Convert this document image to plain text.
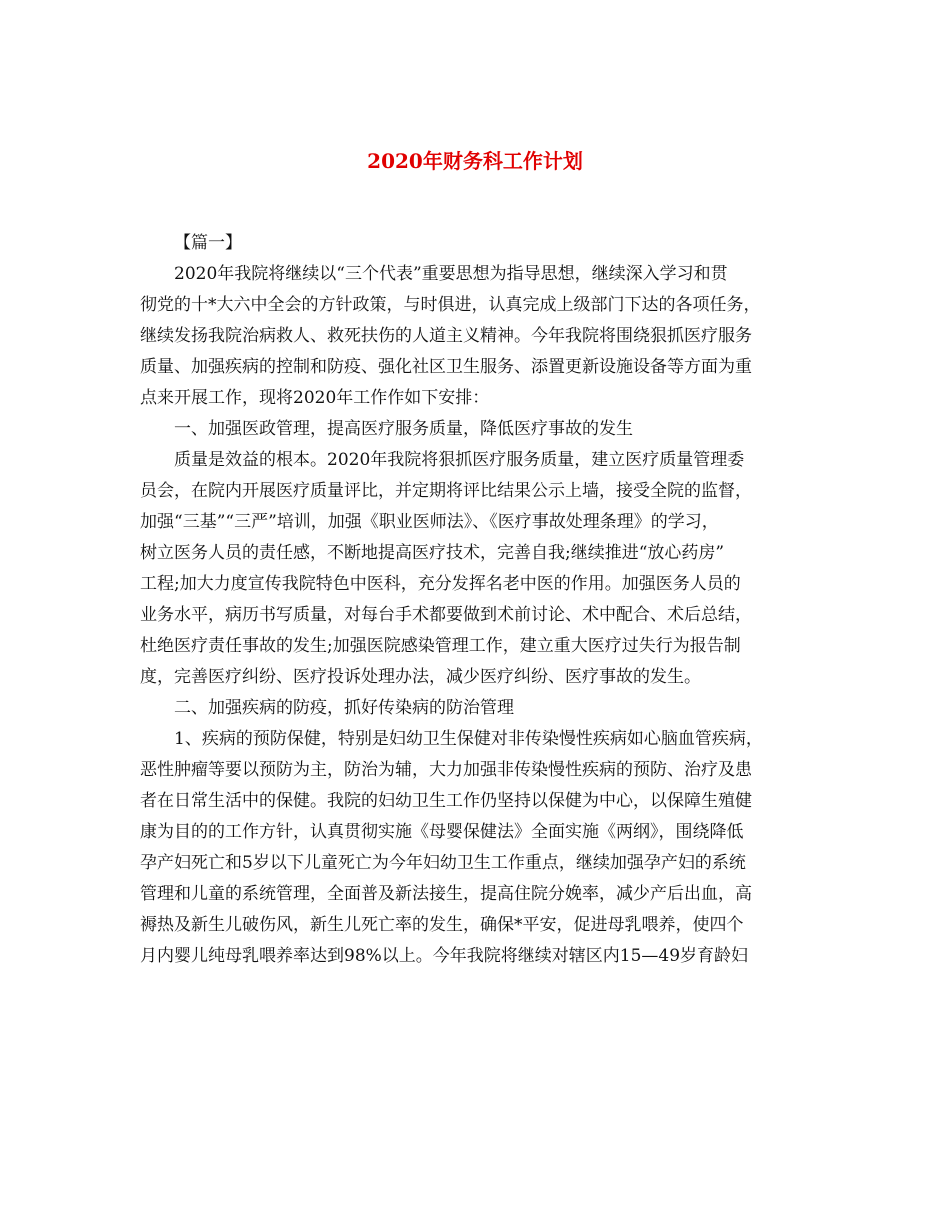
2020年财务科工作计划

【篇一】

2020年我院将继续以“三个代表”重要思想为指导思想，继续深入学习和贯
彻党的十*大六中全会的方针政策，与时俱进，认真完成上级部门下达的各项任务，
继续发扬我院治病救人、救死扶伤的人道主义精神。今年我院将围绕狠抓医疗服务
质量、加强疾病的控制和防疫、强化社区卫生服务、添置更新设施设备等方面为重
点来开展工作，现将2020年工作作如下安排：

一、加强医政管理，提高医疗服务质量，降低医疗事故的发生

质量是效益的根本。2020年我院将狠抓医疗服务质量，建立医疗质量管理委
员会，在院内开展医疗质量评比，并定期将评比结果公示上墙，接受全院的监督，
加强“三基”“三严”培训，加强《职业医师法》、《医疗事故处理条理》的学习，
树立医务人员的责任感，不断地提高医疗技术，完善自我;继续推进“放心药房”
工程;加大力度宣传我院特色中医科，充分发挥名老中医的作用。加强医务人员的
业务水平，病历书写质量，对每台手术都要做到术前讨论、术中配合、术后总结，
杜绝医疗责任事故的发生;加强医院感染管理工作，建立重大医疗过失行为报告制
度，完善医疗纠纷、医疗投诉处理办法，减少医疗纠纷、医疗事故的发生。

二、加强疾病的防疫，抓好传染病的防治管理

1、疾病的预防保健，特别是妇幼卫生保健对非传染慢性疾病如心脑血管疾病，
恶性肿瘤等要以预防为主，防治为辅，大力加强非传染慢性疾病的预防、治疗及患
者在日常生活中的保健。我院的妇幼卫生工作仍坚持以保健为中心，以保障生殖健
康为目的的工作方针，认真贯彻实施《母婴保健法》全面实施《两纲》，围绕降低
孕产妇死亡和5岁以下儿童死亡为今年妇幼卫生工作重点，继续加强孕产妇的系统
管理和儿童的系统管理，全面普及新法接生，提高住院分娩率，减少产后出血，高
褥热及新生儿破伤风，新生儿死亡率的发生，确保*平安，促进母乳喂养，使四个
月内婴儿纯母乳喂养率达到98%以上。今年我院将继续对辖区内15—49岁育龄妇
